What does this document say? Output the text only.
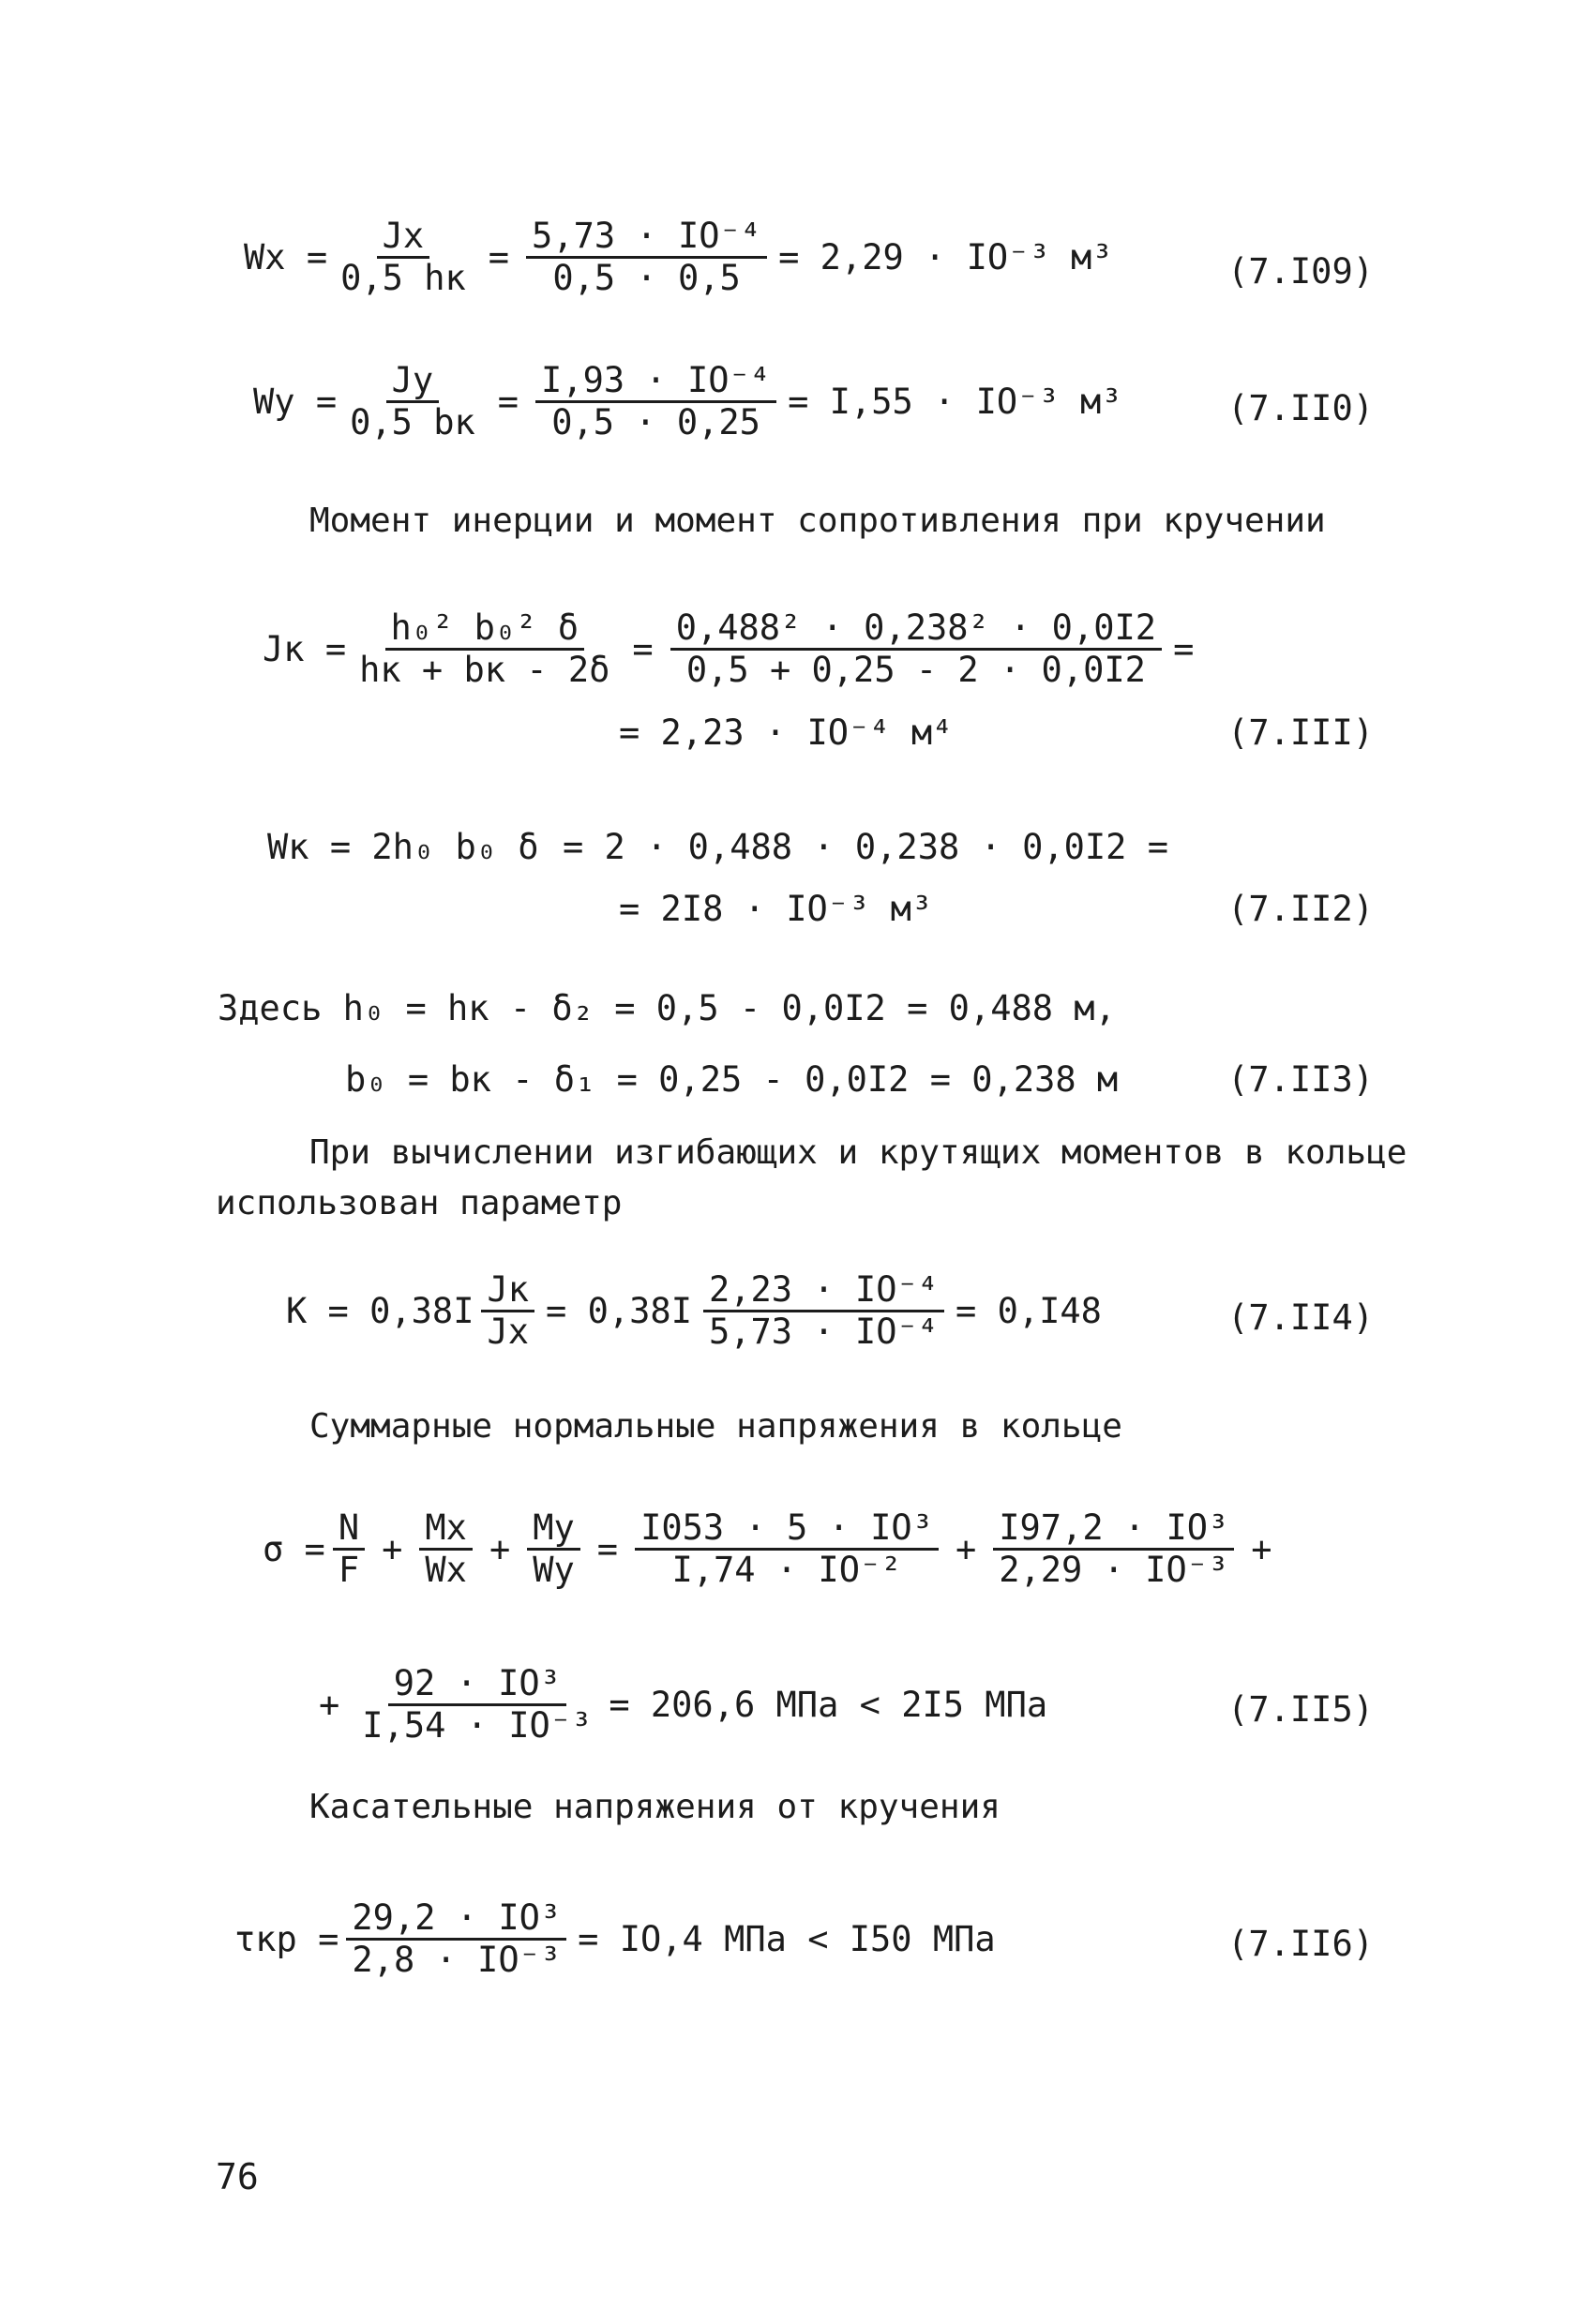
$Wx = \frac{Jx}{0,5 hк} = \frac{\text{5,73 · IO⁻⁴}}{0,5 \cdot 0,5} = 2,29 \cdot IO^{-3}$ м³	(7.I09)
$Wy = \frac{Jy}{0,5 bк} = \frac{\text{I,93 · IO⁻⁴}}{0,5 \cdot 0,25} = I,55 \cdot IO^{-3}$ м³	(7.II0)
Момент инерции и момент сопротивления при кручении
Jк = $\frac{\text{h₀² b₀² δ}}{hк + bк - 2\delta} = \frac{\text{0,488² · 0,238² · 0,0I2}}{0,5 + 0,25 - 2 \cdot 0,0I2}$ =
= 2,23 · IO⁻⁴ м⁴	(7.III)
Wк = 2h₀ b₀ δ = 2 · 0,488 · 0,238 · 0,0I2 =
= 2I8 · IO⁻³ м³	(7.II2)
Здесь h₀ = hк - δ₂ = 0,5 - 0,0I2 = 0,488 м,
b₀ = bк - δ₁ = 0,25 - 0,0I2 = 0,238 м	(7.II3)
При вычислении изгибающих и крутящих моментов в кольце
использован параметр
$K = 0,38I \frac{Jк}{Jx} = 0,38I \frac{\text{2,23 · IO⁻⁴}}{\text{5,73 · IO⁻⁴}} = 0,I48$	(7.II4)
Суммарные нормальные напряжения в кольце
$\sigma = \frac{N}{F} + \frac{Mx}{Wx} + \frac{My}{Wy} = \frac{\text{I053 · 5 · IO³}}{\text{I,74 · IO⁻²}} + \frac{\text{I97,2 · IO³}}{\text{2,29 · IO⁻³}}$ +
+ $\frac{\text{92 · IO³}}{\text{I,54 · IO⁻³}} = 206,6$ МПа < 2I5 МПа	(7.II5)
Касательные напряжения от кручения
$\tau кр = \frac{\text{29,2 · IO³}}{\text{2,8 · IO⁻³}} = IO,4$ МПа < I50 МПа	(7.II6)
76
